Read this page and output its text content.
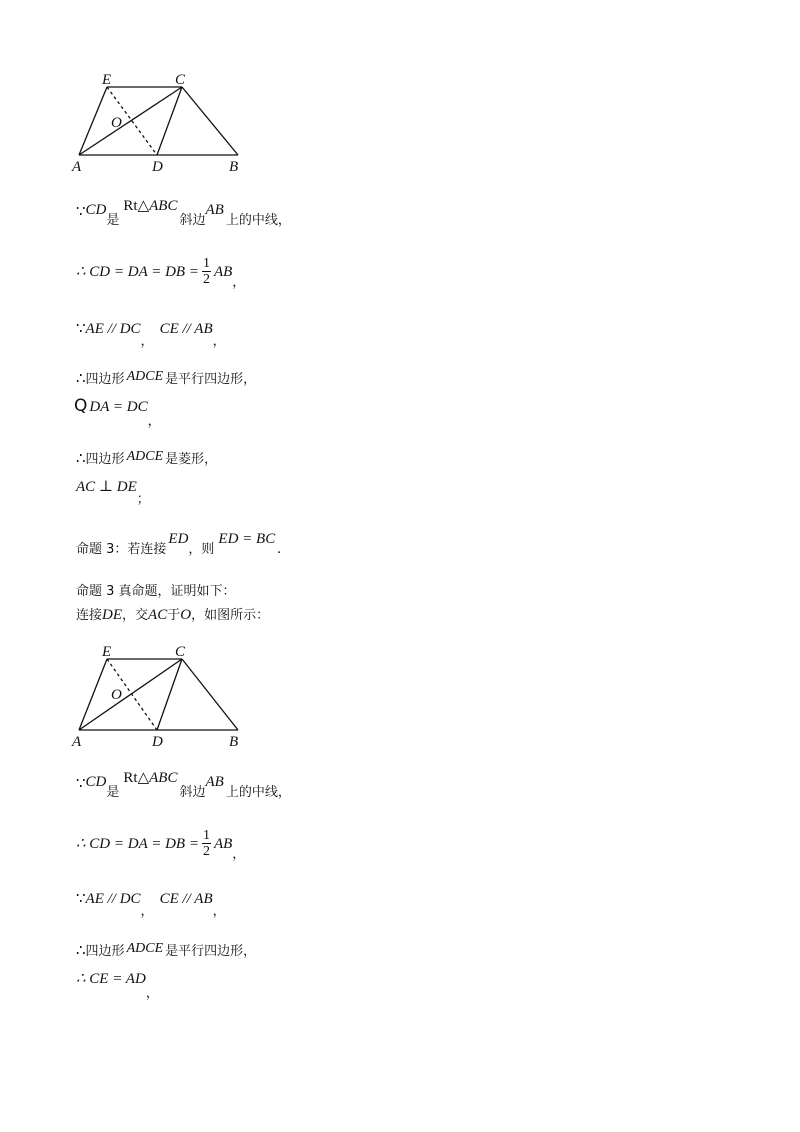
E	C
O
A	D	B
$\because CD_是Rt\triangle ABC_{斜边}AB_{上的中线,}$
∴ CD = DA = DB = $\frac{1}{2} AB_,$
∵AE // $DC_,CE // AB_,$
∴四边形 ADCE 是平行四边形，
Q DA = $DC_,$
∴四边形 ADCE 是菱形，
AC ⊥ $DE_;$
$_{命题 3:若连接}ED_{,则}ED$ = BC.
命题 3 真命题，证明如下：
连接DE，交AC于O，如图所示：
E	C
O
A	D	B
$\because CD_是Rt\triangle ABC_{斜边}AB_{上的中线,}$
∴ CD = DA = DB = $\frac{1}{2} AB_,$
∵AE // $DC_,CE // AB_,$
∴四边形 ADCE 是平行四边形，
∴ CE = $AD_,$
